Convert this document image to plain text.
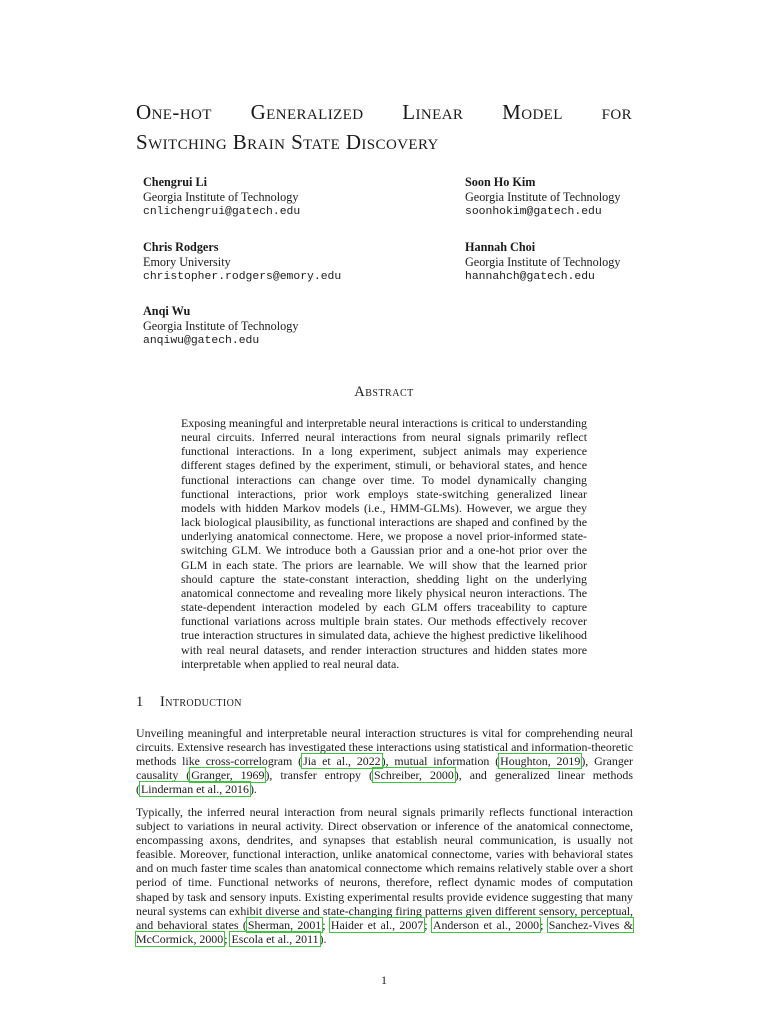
One-hot Generalized Linear Model for
Switching Brain State Discovery
Chengrui Li
Georgia Institute of Technology
cnlichengrui@gatech.edu
Soon Ho Kim
Georgia Institute of Technology
soonhokim@gatech.edu
Chris Rodgers
Emory University
christopher.rodgers@emory.edu
Hannah Choi
Georgia Institute of Technology
hannahch@gatech.edu
Anqi Wu
Georgia Institute of Technology
anqiwu@gatech.edu
Abstract
Exposing meaningful and interpretable neural interactions is critical to understanding neural circuits. Inferred neural interactions from neural signals primarily reflect functional interactions. In a long experiment, subject animals may experience different stages defined by the experiment, stimuli, or behavioral states, and hence functional interactions can change over time. To model dynamically changing functional interactions, prior work employs state-switching generalized linear models with hidden Markov models (i.e., HMM-GLMs). However, we argue they lack biological plausibility, as functional interactions are shaped and confined by the underlying anatomical connectome. Here, we propose a novel prior-informed state-switching GLM. We introduce both a Gaussian prior and a one-hot prior over the GLM in each state. The priors are learnable. We will show that the learned prior should capture the state-constant interaction, shedding light on the underlying anatomical connectome and revealing more likely physical neuron interactions. The state-dependent interaction modeled by each GLM offers traceability to capture functional variations across multiple brain states. Our methods effectively recover true interaction structures in simulated data, achieve the highest predictive likelihood with real neural datasets, and render interaction structures and hidden states more interpretable when applied to real neural data.
1 Introduction
Unveiling meaningful and interpretable neural interaction structures is vital for comprehending neural circuits. Extensive research has investigated these interactions using statistical and information-theoretic methods like cross-correlogram (Jia et al., 2022), mutual information (Houghton, 2019), Granger causality (Granger, 1969), transfer entropy (Schreiber, 2000), and generalized linear methods (Linderman et al., 2016).
Typically, the inferred neural interaction from neural signals primarily reflects functional interaction subject to variations in neural activity. Direct observation or inference of the anatomical connectome, encompassing axons, dendrites, and synapses that establish neural communication, is usually not feasible. Moreover, functional interaction, unlike anatomical connectome, varies with behavioral states and on much faster time scales than anatomical connectome which remains relatively stable over a short period of time. Functional networks of neurons, therefore, reflect dynamic modes of computation shaped by task and sensory inputs. Existing experimental results provide evidence suggesting that many neural systems can exhibit diverse and state-changing firing patterns given different sensory, perceptual, and behavioral states (Sherman, 2001; Haider et al., 2007; Anderson et al., 2000; Sanchez-Vives & McCormick, 2000; Escola et al., 2011).
1
